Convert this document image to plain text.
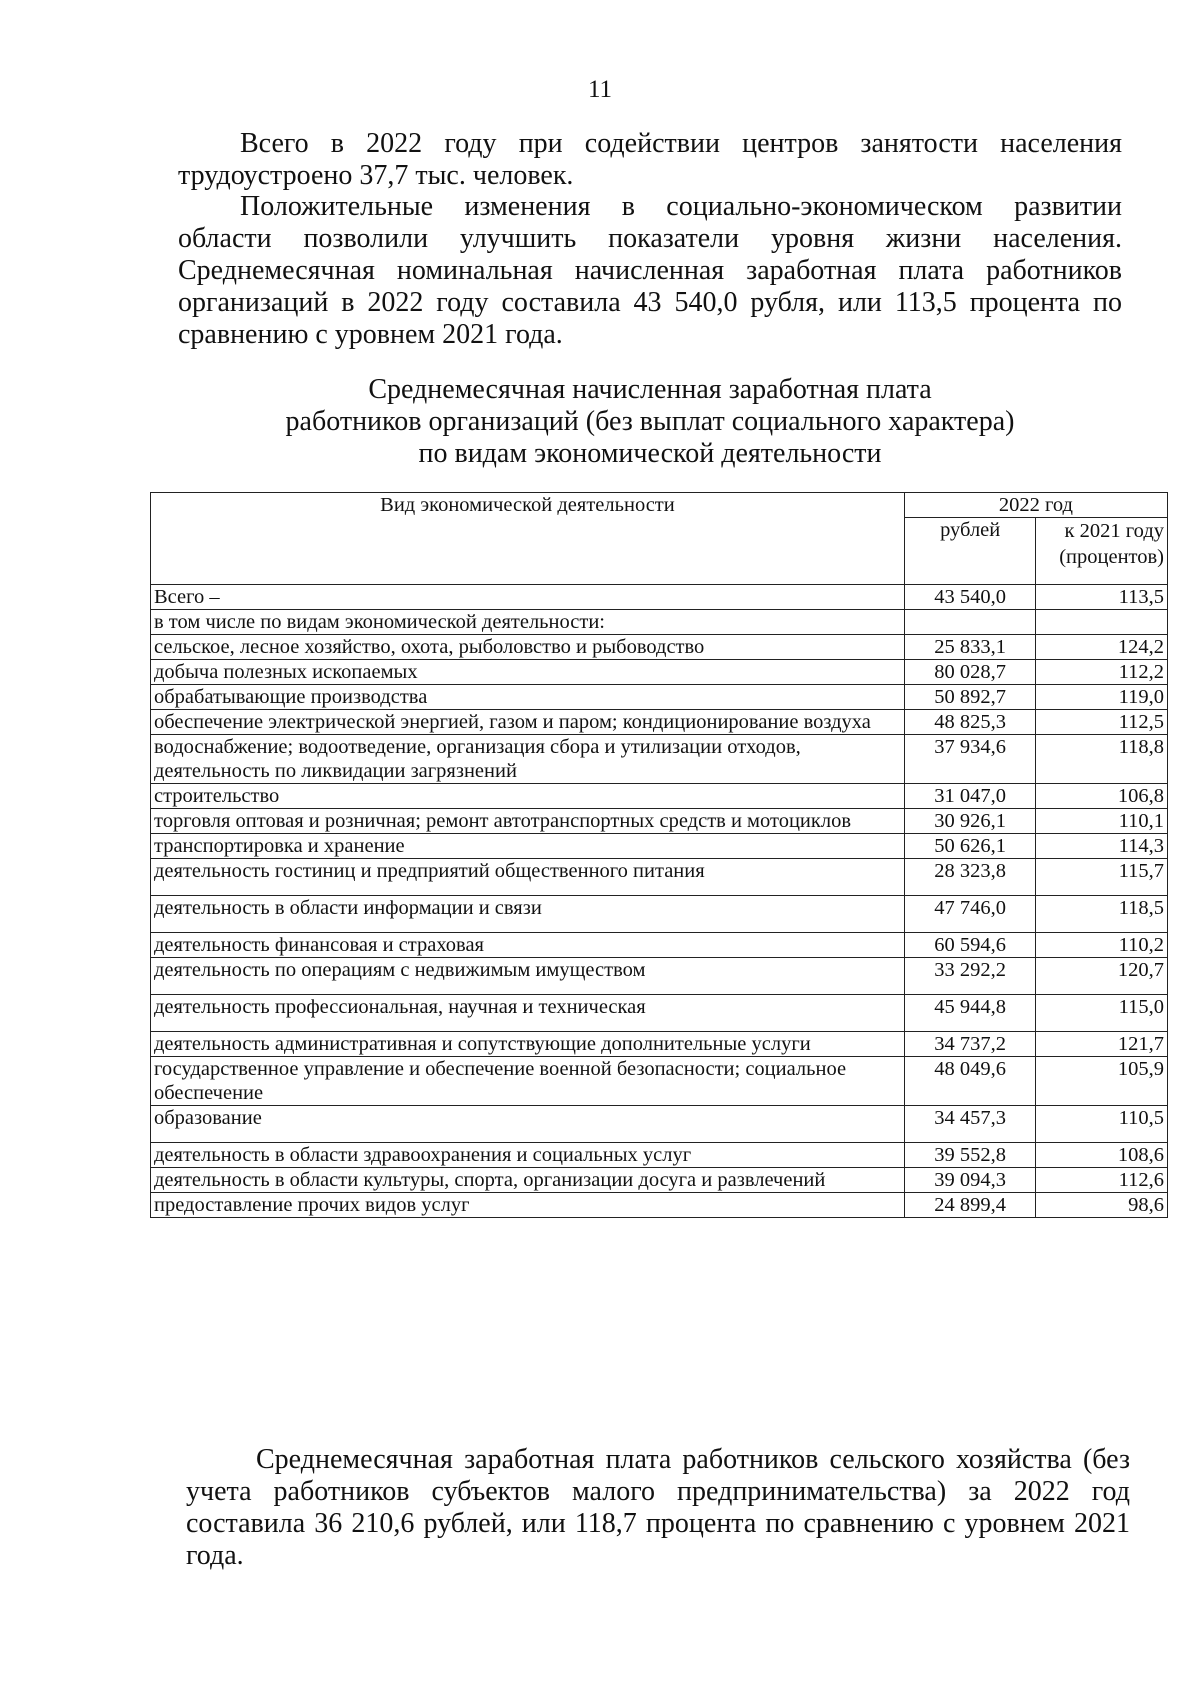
11

Всего в 2022 году при содействии центров занятости населения трудоустроено 37,7 тыс. человек.

Положительные изменения в социально-экономическом развитии области позволили улучшить показатели уровня жизни населения. Среднемесячная номинальная начисленная заработная плата работников организаций в 2022 году составила 43 540,0 рубля, или 113,5 процента по сравнению с уровнем 2021 года.

Среднемесячная начисленная заработная плата
работников организаций (без выплат социального характера)
по видам экономической деятельности
Вид экономической деятельности	2022 год	
	рублей	к 2021 году
(процентов)

Всего –	43 540,0	113,5
в том числе по видам экономической деятельности:		
сельское, лесное хозяйство, охота, рыболовство и рыбоводство	25 833,1	124,2
добыча полезных ископаемых	80 028,7	112,2
обрабатывающие производства	50 892,7	119,0
обеспечение электрической энергией, газом и паром; кондиционирование воздуха	48 825,3	112,5
водоснабжение; водоотведение, организация сбора и утилизации отходов, деятельность по ликвидации загрязнений	37 934,6	118,8
строительство	31 047,0	106,8
торговля оптовая и розничная; ремонт автотранспортных средств и мотоциклов	30 926,1	110,1
транспортировка и хранение	50 626,1	114,3
деятельность гостиниц и предприятий общественного питания	28 323,8	115,7
деятельность в области информации и связи	47 746,0	118,5
деятельность финансовая и страховая	60 594,6	110,2
деятельность по операциям с недвижимым имуществом	33 292,2	120,7
деятельность профессиональная, научная и техническая	45 944,8	115,0
деятельность административная и сопутствующие дополнительные услуги	34 737,2	121,7
государственное управление и обеспечение военной безопасности; социальное обеспечение	48 049,6	105,9
образование	34 457,3	110,5
деятельность в области здравоохранения и социальных услуг	39 552,8	108,6
деятельность в области культуры, спорта, организации досуга и развлечений	39 094,3	112,6
предоставление прочих видов услуг	24 899,4	98,6

Среднемесячная заработная плата работников сельского хозяйства (без учета работников субъектов малого предпринимательства) за 2022 год составила 36 210,6 рублей, или 118,7 процента по сравнению с уровнем 2021 года.
